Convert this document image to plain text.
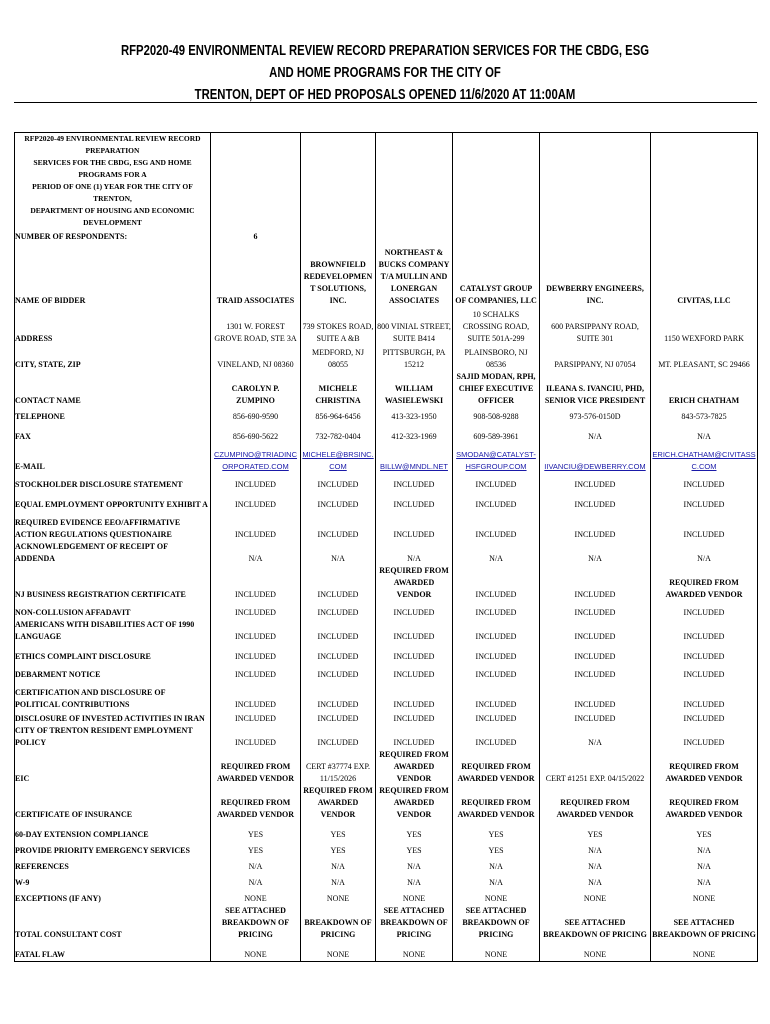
RFP2020-49 ENVIRONMENTAL REVIEW RECORD PREPARATION SERVICES FOR THE CBDG, ESG AND HOME PROGRAMS FOR THE CITY OF
TRENTON, DEPT OF HED PROPOSALS OPENED 11/6/2020 AT 11:00AM
RFP2020-49 ENVIRONMENTAL REVIEW RECORD PREPARATION
SERVICES FOR THE CBDG, ESG AND HOME PROGRAMS FOR A
PERIOD OF ONE (1) YEAR FOR THE CITY OF TRENTON,
DEPARTMENT OF HOUSING AND ECONOMIC DEVELOPMENT						

NUMBER OF RESPONDENTS:	6					
NAME OF BIDDER	TRAID ASSOCIATES	BROWNFIELD REDEVELOPMENT SOLUTIONS, INC.	NORTHEAST & BUCKS COMPANY T/A MULLIN AND LONERGAN ASSOCIATES	CATALYST GROUP OF COMPANIES, LLC	DEWBERRY ENGINEERS, INC.	CIVITAS, LLC
ADDRESS	1301 W. FOREST GROVE ROAD, STE 3A	739 STOKES ROAD, SUITE A &B	800 VINIAL STREET, SUITE B414	10 SCHALKS CROSSING ROAD, SUITE 501A-299	600 PARSIPPANY ROAD, SUITE 301	1150 WEXFORD PARK
CITY, STATE, ZIP	VINELAND, NJ 08360	MEDFORD, NJ 08055	PITTSBURGH, PA 15212	PLAINSBORO, NJ 08536	PARSIPPANY, NJ 07054	MT. PLEASANT, SC 29466
CONTACT NAME	CAROLYN P. ZUMPINO	MICHELE CHRISTINA	WILLIAM WASIELEWSKI	SAJID MODAN, RPH, CHIEF EXECUTIVE OFFICER	ILEANA S. IVANCIU, PHD, SENIOR VICE PRESIDENT	ERICH CHATHAM
TELEPHONE	856-690-9590	856-964-6456	413-323-1950	908-508-9288	973-576-0150D	843-573-7825
FAX	856-690-5622	732-782-0404	412-323-1969	609-589-3961	N/A	N/A
E-MAIL	CZUMPINO@TRIADINCORPORATED.COM	MICHELE@BRSINC.COM	BILLW@MNDL.NET	SMODAN@CATALYST-HSFGROUP.COM	IIVANCIU@DEWBERRY.COM	ERICH.CHATHAM@CIVITASSC.COM
STOCKHOLDER DISCLOSURE STATEMENT	INCLUDED	INCLUDED	INCLUDED	INCLUDED	INCLUDED	INCLUDED
EQUAL EMPLOYMENT OPPORTUNITY EXHIBIT A	INCLUDED	INCLUDED	INCLUDED	INCLUDED	INCLUDED	INCLUDED
REQUIRED EVIDENCE EEO/AFFIRMATIVE ACTION REGULATIONS QUESTIONAIRE	INCLUDED	INCLUDED	INCLUDED	INCLUDED	INCLUDED	INCLUDED
ACKNOWLEDGEMENT OF RECEIPT OF ADDENDA	N/A	N/A	N/A	N/A	N/A	N/A
NJ BUSINESS REGISTRATION CERTIFICATE	INCLUDED	INCLUDED	REQUIRED FROM AWARDED VENDOR	INCLUDED	INCLUDED	REQUIRED FROM AWARDED VENDOR
NON-COLLUSION AFFADAVIT	INCLUDED	INCLUDED	INCLUDED	INCLUDED	INCLUDED	INCLUDED
AMERICANS WITH DISABILITIES ACT OF 1990 LANGUAGE	INCLUDED	INCLUDED	INCLUDED	INCLUDED	INCLUDED	INCLUDED
ETHICS COMPLAINT DISCLOSURE	INCLUDED	INCLUDED	INCLUDED	INCLUDED	INCLUDED	INCLUDED
DEBARMENT NOTICE	INCLUDED	INCLUDED	INCLUDED	INCLUDED	INCLUDED	INCLUDED
CERTIFICATION AND DISCLOSURE OF POLITICAL CONTRIBUTIONS	INCLUDED	INCLUDED	INCLUDED	INCLUDED	INCLUDED	INCLUDED
DISCLOSURE OF INVESTED ACTIVITIES IN IRAN	INCLUDED	INCLUDED	INCLUDED	INCLUDED	INCLUDED	INCLUDED
CITY OF TRENTON RESIDENT EMPLOYMENT POLICY	INCLUDED	INCLUDED	INCLUDED	INCLUDED	N/A	INCLUDED
EIC	REQUIRED FROM AWARDED VENDOR	CERT #37774 EXP. 11/15/2026	REQUIRED FROM AWARDED VENDOR	REQUIRED FROM AWARDED VENDOR	CERT #1251 EXP. 04/15/2022	REQUIRED FROM AWARDED VENDOR
CERTIFICATE OF INSURANCE	REQUIRED FROM AWARDED VENDOR	REQUIRED FROM AWARDED VENDOR	REQUIRED FROM AWARDED VENDOR	REQUIRED FROM AWARDED VENDOR	REQUIRED FROM AWARDED VENDOR	REQUIRED FROM AWARDED VENDOR
60-DAY EXTENSION COMPLIANCE	YES	YES	YES	YES	YES	YES
PROVIDE PRIORITY EMERGENCY SERVICES	YES	YES	YES	YES	N/A	N/A
REFERENCES	N/A	N/A	N/A	N/A	N/A	N/A
W-9	N/A	N/A	N/A	N/A	N/A	N/A
EXCEPTIONS (IF ANY)	NONE	NONE	NONE	NONE	NONE	NONE
TOTAL CONSULTANT COST	SEE ATTACHED BREAKDOWN OF PRICING	BREAKDOWN OF PRICING	SEE ATTACHED BREAKDOWN OF PRICING	SEE ATTACHED BREAKDOWN OF PRICING	SEE ATTACHED BREAKDOWN OF PRICING	SEE ATTACHED BREAKDOWN OF PRICING
FATAL FLAW	NONE	NONE	NONE	NONE	NONE	NONE
